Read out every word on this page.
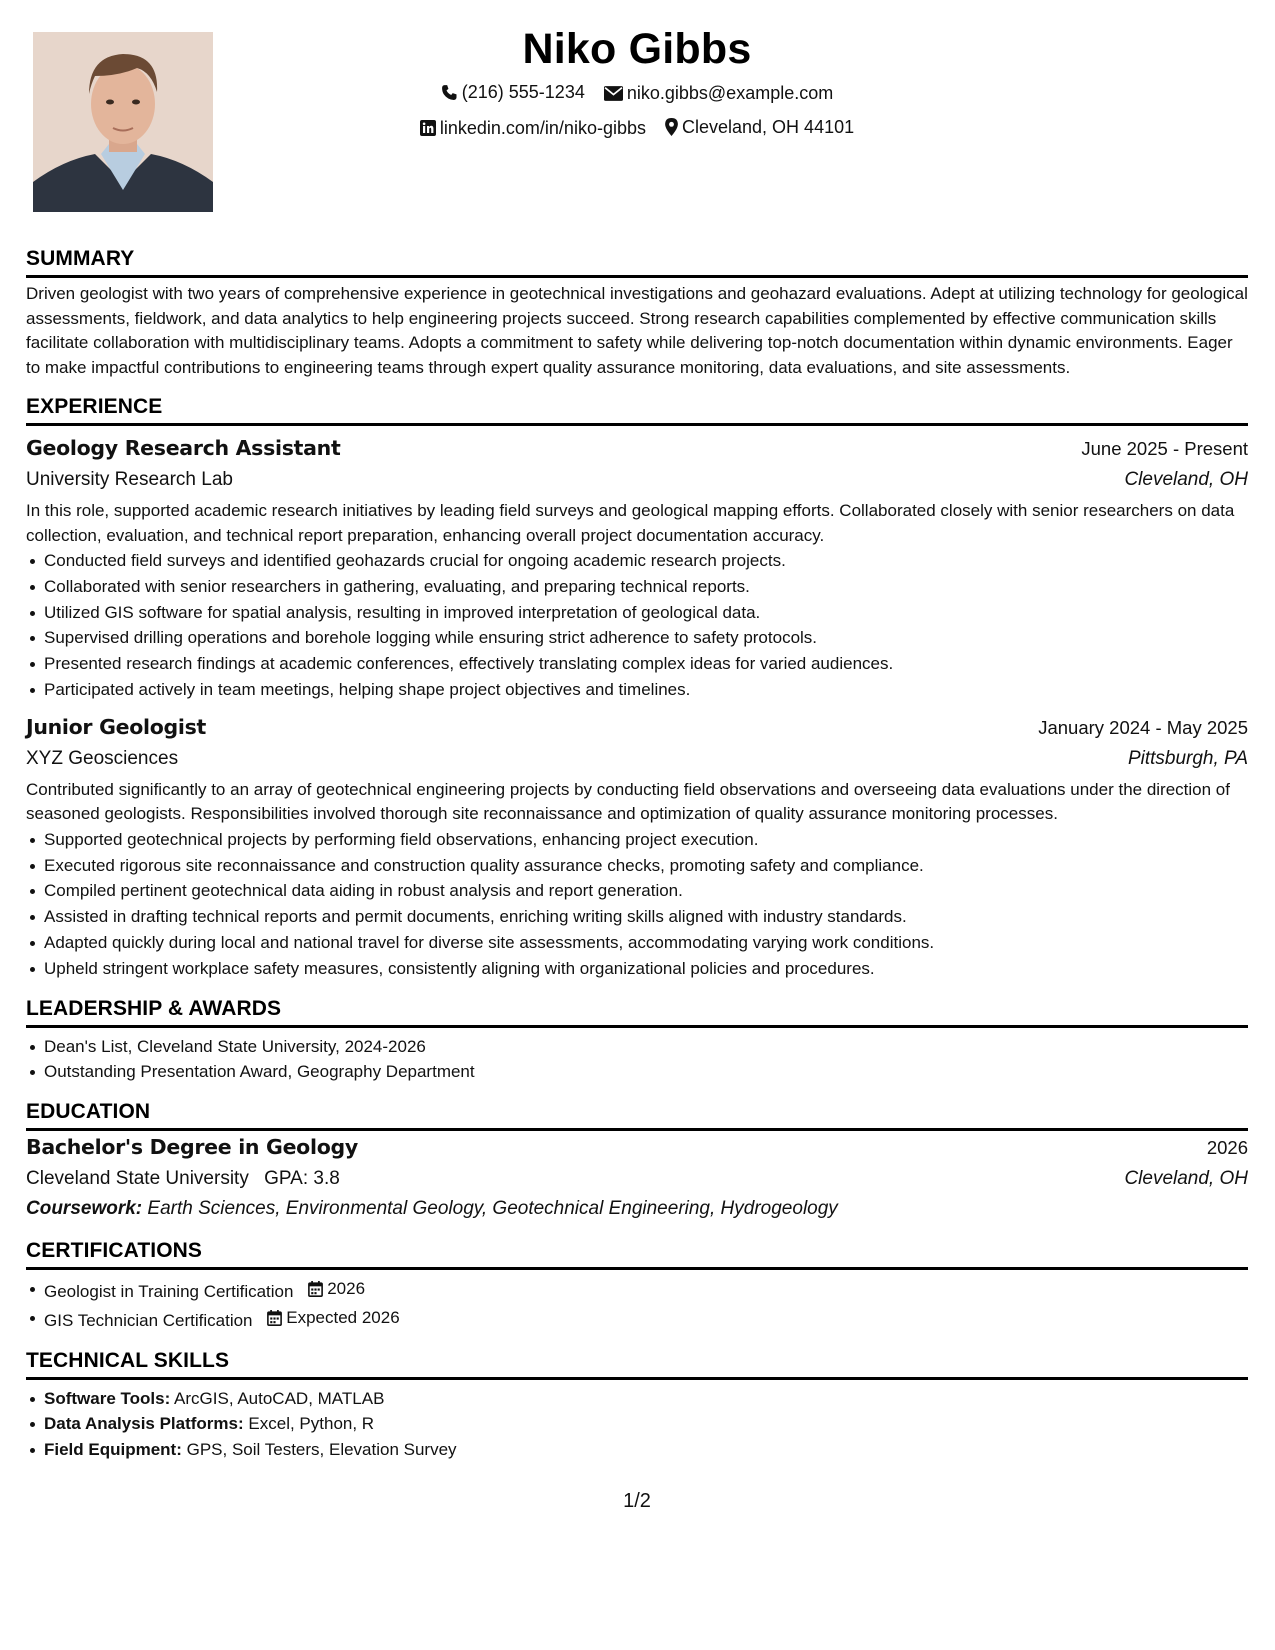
Niko Gibbs
(216) 555-1234
niko.gibbs@example.com
linkedin.com/in/niko-gibbs
Cleveland, OH 44101
SUMMARY

Driven geologist with two years of comprehensive experience in geotechnical investigations and geohazard evaluations. Adept at utilizing technology for geological assessments, fieldwork, and data analytics to help engineering projects succeed. Strong research capabilities complemented by effective communication skills facilitate collaboration with multidisciplinary teams. Adopts a commitment to safety while delivering top-notch documentation within dynamic environments. Eager to make impactful contributions to engineering teams through expert quality assurance monitoring, data evaluations, and site assessments.

EXPERIENCE
Geology Research Assistant	June 2025 - Present
University Research Lab	Cleveland, OH

In this role, supported academic research initiatives by leading field surveys and geological mapping efforts. Collaborated closely with senior researchers on data collection, evaluation, and technical report preparation, enhancing overall project documentation accuracy.

Conducted field surveys and identified geohazards crucial for ongoing academic research projects.
Collaborated with senior researchers in gathering, evaluating, and preparing technical reports.
Utilized GIS software for spatial analysis, resulting in improved interpretation of geological data.
Supervised drilling operations and borehole logging while ensuring strict adherence to safety protocols.
Presented research findings at academic conferences, effectively translating complex ideas for varied audiences.
Participated actively in team meetings, helping shape project objectives and timelines.
Junior Geologist	January 2024 - May 2025
XYZ Geosciences	Pittsburgh, PA

Contributed significantly to an array of geotechnical engineering projects by conducting field observations and overseeing data evaluations under the direction of seasoned geologists. Responsibilities involved thorough site reconnaissance and optimization of quality assurance monitoring processes.

Supported geotechnical projects by performing field observations, enhancing project execution.
Executed rigorous site reconnaissance and construction quality assurance checks, promoting safety and compliance.
Compiled pertinent geotechnical data aiding in robust analysis and report generation.
Assisted in drafting technical reports and permit documents, enriching writing skills aligned with industry standards.
Adapted quickly during local and national travel for diverse site assessments, accommodating varying work conditions.
Upheld stringent workplace safety measures, consistently aligning with organizational policies and procedures.
LEADERSHIP & AWARDS
Dean's List, Cleveland State University, 2024-2026
Outstanding Presentation Award, Geography Department
EDUCATION
Bachelor's Degree in Geology	2026
Cleveland State University GPA: 3.8	Cleveland, OH
Coursework: Earth Sciences, Environmental Geology, Geotechnical Engineering, Hydrogeology
CERTIFICATIONS
Geologist in Training Certification 2026
GIS Technician Certification Expected 2026
TECHNICAL SKILLS
Software Tools: ArcGIS, AutoCAD, MATLAB
Data Analysis Platforms: Excel, Python, R
Field Equipment: GPS, Soil Testers, Elevation Survey
1/2
